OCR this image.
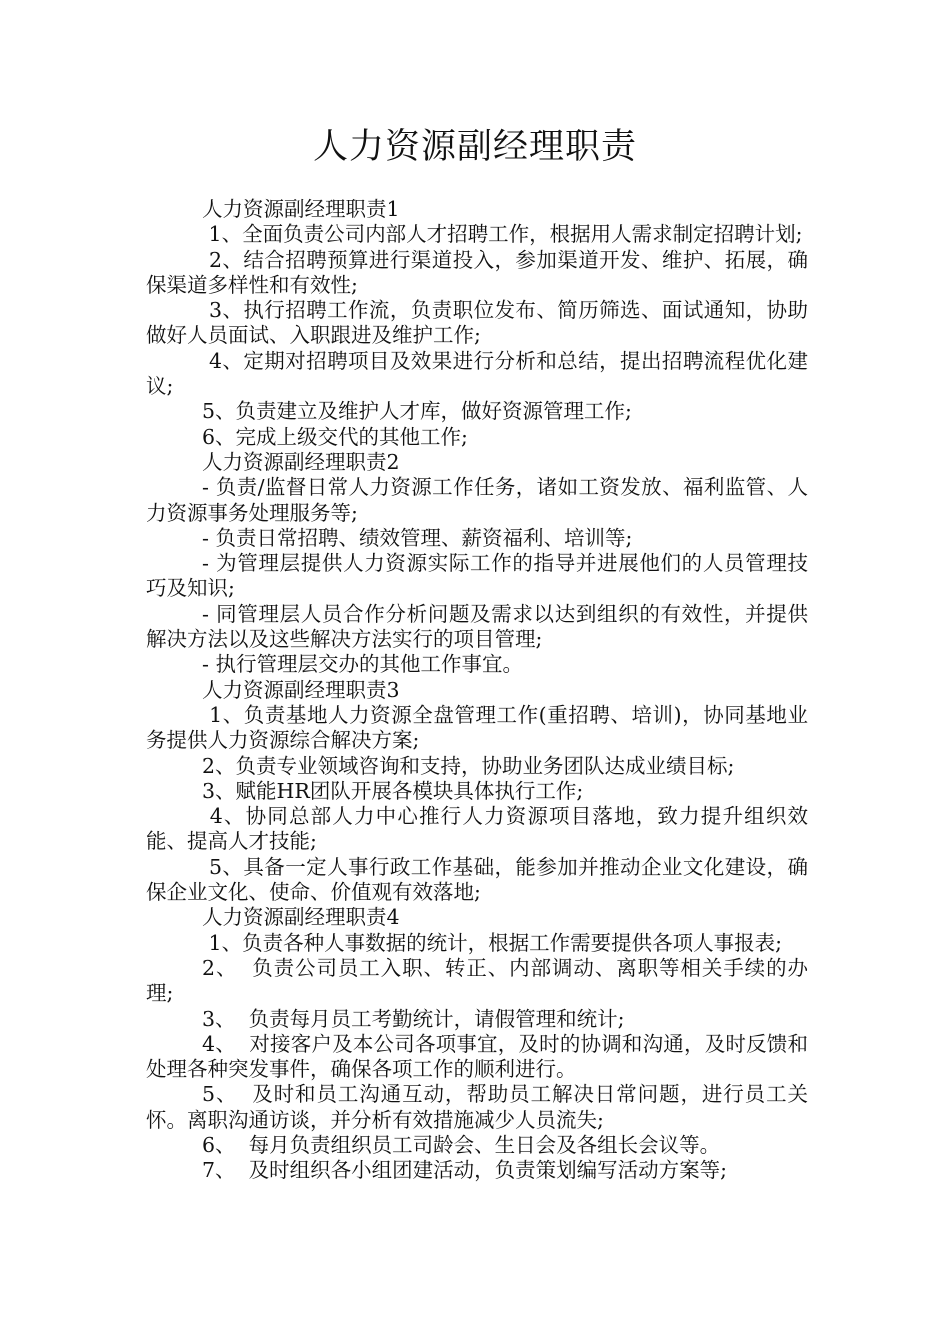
人力资源副经理职责

人力资源副经理职责1

1、全面负责公司内部人才招聘工作，根据用人需求制定招聘计划;

2、结合招聘预算进行渠道投入，参加渠道开发、维护、拓展，确保渠道多样性和有效性;

3、执行招聘工作流，负责职位发布、简历筛选、面试通知，协助做好人员面试、入职跟进及维护工作;

4、定期对招聘项目及效果进行分析和总结，提出招聘流程优化建议;

5、负责建立及维护人才库，做好资源管理工作;

6、完成上级交代的其他工作;

人力资源副经理职责2

- 负责/监督日常人力资源工作任务，诸如工资发放、福利监管、人力资源事务处理服务等;

- 负责日常招聘、绩效管理、薪资福利、培训等;

- 为管理层提供人力资源实际工作的指导并进展他们的人员管理技巧及知识;

- 同管理层人员合作分析问题及需求以达到组织的有效性，并提供解决方法以及这些解决方法实行的项目管理;

- 执行管理层交办的其他工作事宜。

人力资源副经理职责3

1、负责基地人力资源全盘管理工作(重招聘、培训)，协同基地业务提供人力资源综合解决方案;

2、负责专业领域咨询和支持，协助业务团队达成业绩目标;

3、赋能HR团队开展各模块具体执行工作;

4、协同总部人力中心推行人力资源项目落地，致力提升组织效能、提高人才技能;

5、具备一定人事行政工作基础，能参加并推动企业文化建设，确保企业文化、使命、价值观有效落地;

人力资源副经理职责4

1、负责各种人事数据的统计，根据工作需要提供各项人事报表;

2、  负责公司员工入职、转正、内部调动、离职等相关手续的办理;

3、  负责每月员工考勤统计，请假管理和统计;

4、  对接客户及本公司各项事宜，及时的协调和沟通，及时反馈和处理各种突发事件，确保各项工作的顺利进行。

5、  及时和员工沟通互动，帮助员工解决日常问题，进行员工关怀。离职沟通访谈，并分析有效措施减少人员流失;

6、  每月负责组织员工司龄会、生日会及各组长会议等。

7、  及时组织各小组团建活动，负责策划编写活动方案等;
